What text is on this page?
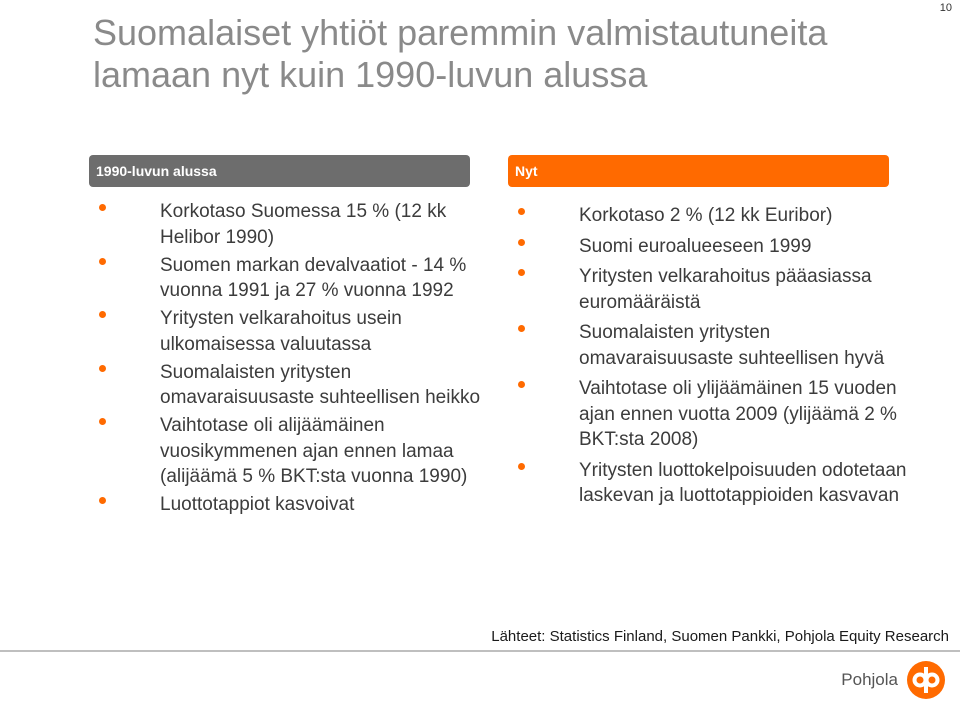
10
Suomalaiset yhtiöt paremmin valmistautuneita
lamaan nyt kuin 1990-luvun alussa
1990-luvun alussa	Nyt
Korkotaso Suomessa 15 % (12 kk Helibor 1990)
Suomen markan devalvaatiot - 14 % vuonna 1991 ja 27 % vuonna 1992
Yritysten velkarahoitus usein ulkomaisessa valuutassa
Suomalaisten yritysten omavaraisuusaste suhteellisen heikko
Vaihtotase oli alijäämäinen vuosikymmenen ajan ennen lamaa (alijäämä 5 % BKT:sta vuonna 1990)
Luottotappiot kasvoivat
Korkotaso 2 % (12 kk Euribor)
Suomi euroalueeseen 1999
Yritysten velkarahoitus pääasiassa euromääräistä
Suomalaisten yritysten omavaraisuusaste suhteellisen hyvä
Vaihtotase oli ylijäämäinen 15 vuoden ajan ennen vuotta 2009 (ylijäämä 2 % BKT:sta 2008)
Yritysten luottokelpoisuuden odotetaan laskevan ja luottotappioiden kasvavan
Lähteet: Statistics Finland, Suomen Pankki, Pohjola Equity Research
Pohjola
